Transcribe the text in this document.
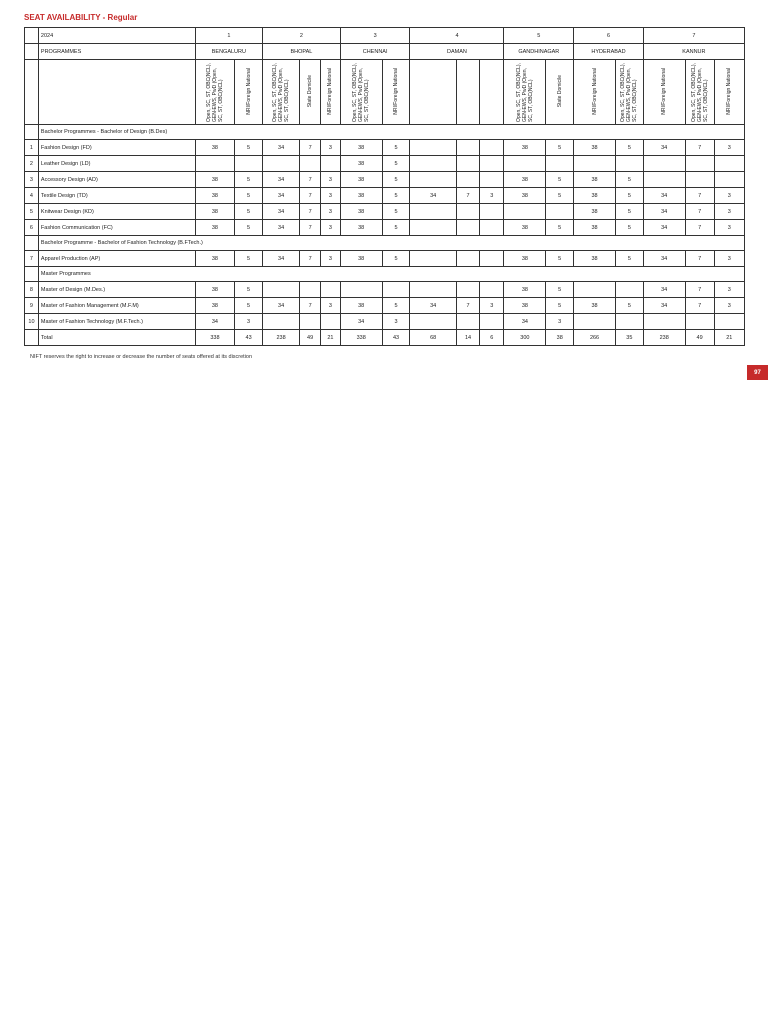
SEAT AVAILABILITY - Regular
	2024	1		2			3		4			5		6		7		
	PROGRAMMES	BENGALURU		BHOPAL			CHENNAI		DAMAN			GANDHINAGAR		HYDERABAD		KANNUR		
		Open, SC, ST, OBC(NCL), GEN-EWS, PwD (Open, SC, ST, OBC(NCL)	NRI/Foreign National	Open, SC, ST, OBC(NCL), GEN-EWS, PwD (Open, SC, ST, OBC(NCL)	State Domicile	NRI/Foreign National	Open, SC, ST, OBC(NCL), GEN-EWS, PwD (Open, SC, ST, OBC(NCL)	NRI/Foreign National				Open, SC, ST, OBC(NCL), GEN-EWS, PwD (Open, SC, ST, OBC(NCL)	State Domicile	NRI/Foreign National	Open, SC, ST, OBC(NCL), GEN-EWS, PwD (Open, SC, ST, OBC(NCL)	NRI/Foreign National	Open, SC, ST, OBC(NCL), GEN-EWS, PwD (Open, SC, ST, OBC(NCL)	NRI/Foreign National
	Bachelor Programmes - Bachelor of Design (B.Des)																	
1	Fashion Design (FD)	38	5	34	7	3	38	5				38	5	38	5	34	7	3
2	Leather Design (LD)						38	5										
3	Accessory Design (AD)	38	5	34	7	3	38	5				38	5	38	5			
4	Textile Design (TD)	38	5	34	7	3	38	5	34	7	3	38	5	38	5	34	7	3
5	Knitwear Design (KD)	38	5	34	7	3	38	5						38	5	34	7	3
6	Fashion Communication (FC)	38	5	34	7	3	38	5				38	5	38	5	34	7	3
	Bachelor Programme - Bachelor of Fashion Technology (B.FTech.)																	
7	Apparel Production (AP)	38	5	34	7	3	38	5				38	5	38	5	34	7	3
	Master Programmes																	
8	Master of Design (M.Des.)	38	5									38	5			34	7	3
9	Master of Fashion Management (M.F.M)	38	5	34	7	3	38	5	34	7	3	38	5	38	5	34	7	3
10	Master of Fashion Technology (M.F.Tech.)	34	3				34	3				34	3					
	Total	338	43	238	49	21	338	43	68	14	6	300	38	266	35	238	49	21
NIFT reserves the right to increase or decrease the number of seats offered at its discretion
97
